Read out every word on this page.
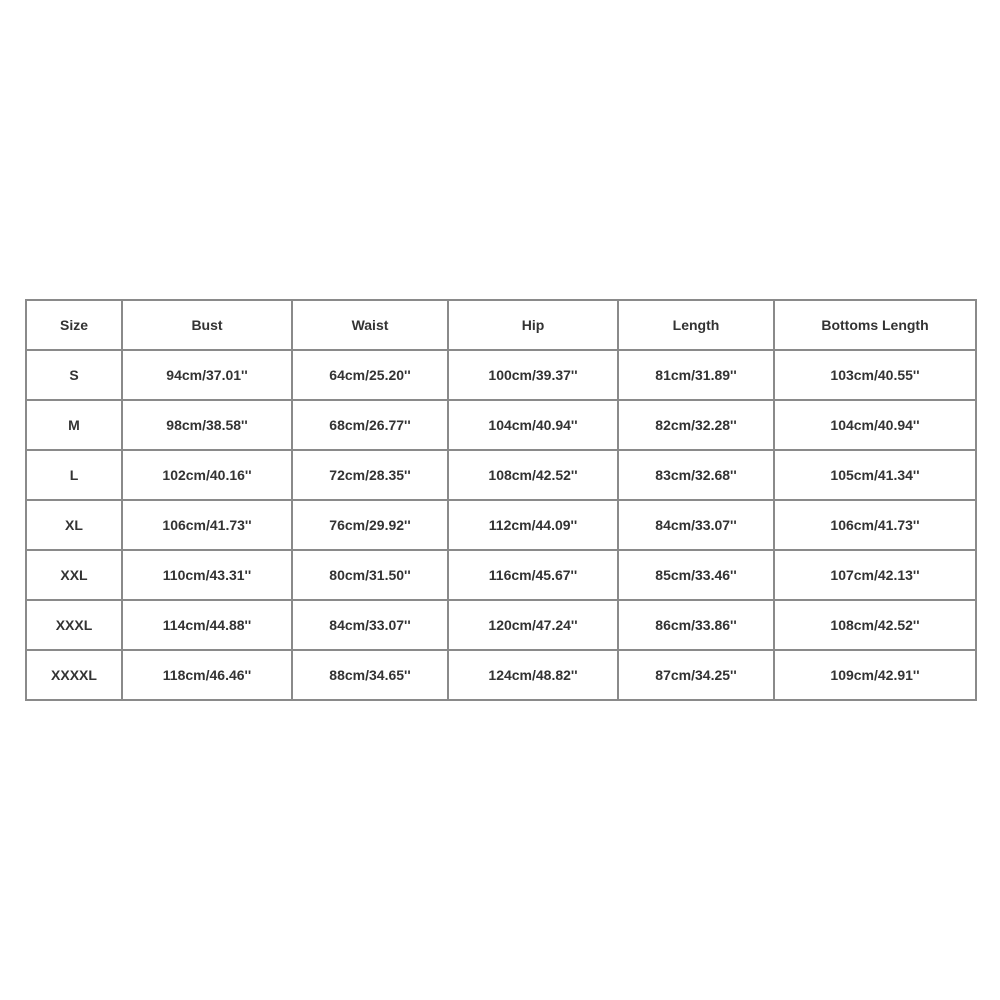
Size	Bust	Waist	Hip	Length	Bottoms Length
S	94cm/37.01''	64cm/25.20''	100cm/39.37''	81cm/31.89''	103cm/40.55''
M	98cm/38.58''	68cm/26.77''	104cm/40.94''	82cm/32.28''	104cm/40.94''
L	102cm/40.16''	72cm/28.35''	108cm/42.52''	83cm/32.68''	105cm/41.34''
XL	106cm/41.73''	76cm/29.92''	112cm/44.09''	84cm/33.07''	106cm/41.73''
XXL	110cm/43.31''	80cm/31.50''	116cm/45.67''	85cm/33.46''	107cm/42.13''
XXXL	114cm/44.88''	84cm/33.07''	120cm/47.24''	86cm/33.86''	108cm/42.52''
XXXXL	118cm/46.46''	88cm/34.65''	124cm/48.82''	87cm/34.25''	109cm/42.91''
